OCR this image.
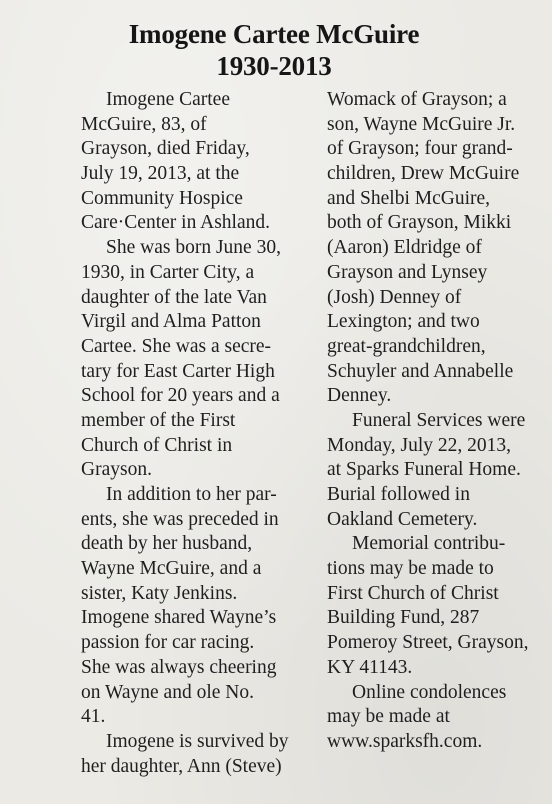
Imogene Cartee McGuire
1930-2013
Imogene Cartee
McGuire, 83, of
Grayson, died Friday,
July 19, 2013, at the
Community Hospice
Care·Center in Ashland.
She was born June 30,
1930, in Carter City, a
daughter of the late Van
Virgil and Alma Patton
Cartee. She was a secre-
tary for East Carter High
School for 20 years and a
member of the First
Church of Christ in
Grayson.
In addition to her par-
ents, she was preceded in
death by her husband,
Wayne McGuire, and a
sister, Katy Jenkins.
Imogene shared Wayne’s
passion for car racing.
She was always cheering
on Wayne and ole No.
41.
Imogene is survived by
her daughter, Ann (Steve)
Womack of Grayson; a
son, Wayne McGuire Jr.
of Grayson; four grand-
children, Drew McGuire
and Shelbi McGuire,
both of Grayson, Mikki
(Aaron) Eldridge of
Grayson and Lynsey
(Josh) Denney of
Lexington; and two
great-grandchildren,
Schuyler and Annabelle
Denney.
Funeral Services were
Monday, July 22, 2013,
at Sparks Funeral Home.
Burial followed in
Oakland Cemetery.
Memorial contribu-
tions may be made to
First Church of Christ
Building Fund, 287
Pomeroy Street, Grayson,
KY 41143.
Online condolences
may be made at
www.sparksfh.com.
